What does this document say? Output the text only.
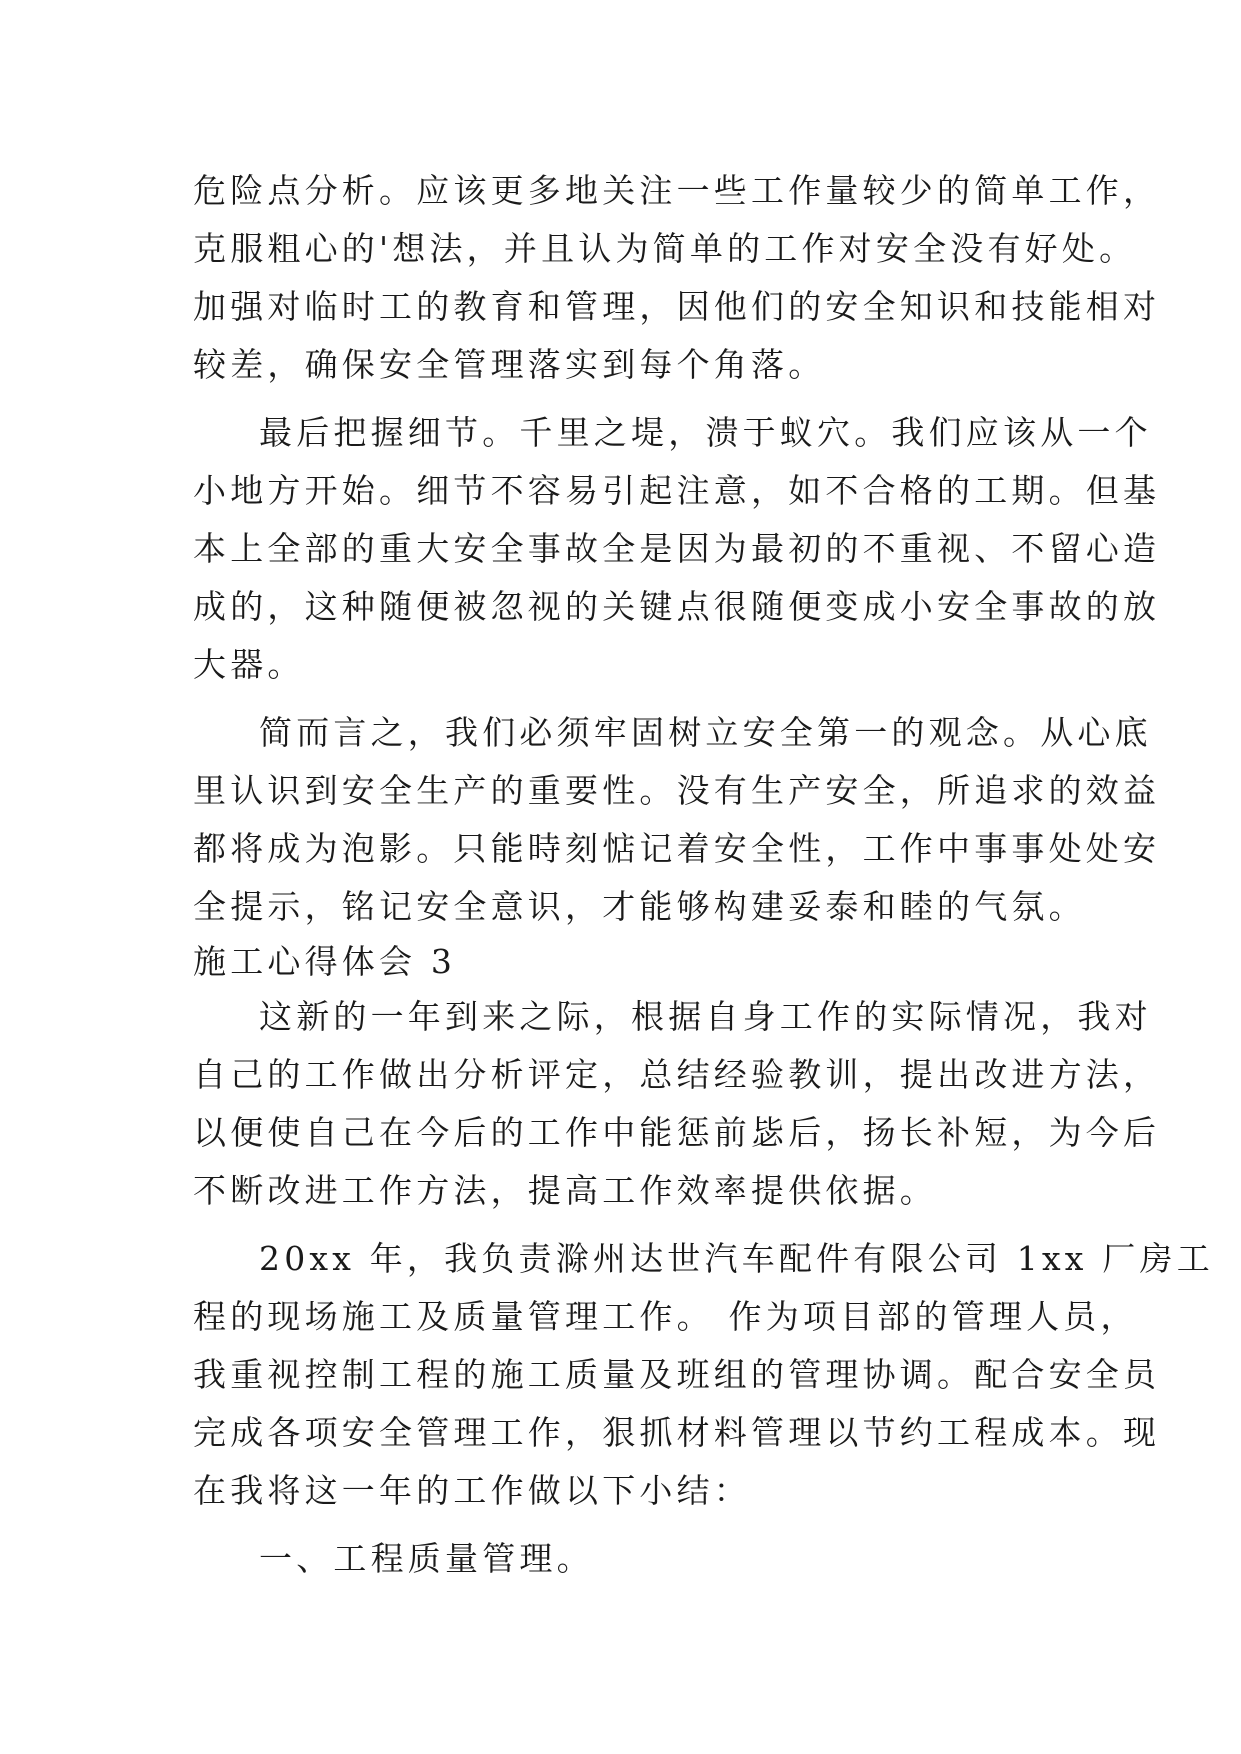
危险点分析。应该更多地关注一些工作量较少的简单工作，
克服粗心的'想法，并且认为简单的工作对安全没有好处。
加强对临时工的教育和管理，因他们的安全知识和技能相对
较差，确保安全管理落实到每个角落。
最后把握细节。千里之堤，溃于蚁穴。我们应该从一个
小地方开始。细节不容易引起注意，如不合格的工期。但基
本上全部的重大安全事故全是因为最初的不重视、不留心造
成的，这种随便被忽视的关键点很随便变成小安全事故的放
大器。
简而言之，我们必须牢固树立安全第一的观念。从心底
里认识到安全生产的重要性。没有生产安全，所追求的效益
都将成为泡影。只能時刻惦记着安全性，工作中事事处处安
全提示，铭记安全意识，才能够构建妥泰和睦的气氛。
施工心得体会 3
这新的一年到来之际，根据自身工作的实际情况，我对
自己的工作做出分析评定，总结经验教训，提出改进方法，
以便使自己在今后的工作中能惩前毖后，扬长补短，为今后
不断改进工作方法，提高工作效率提供依据。
20xx 年，我负责滁州达世汽车配件有限公司 1xx 厂房工
程的现场施工及质量管理工作。 作为项目部的管理人员，
我重视控制工程的施工质量及班组的管理协调。配合安全员
完成各项安全管理工作，狠抓材料管理以节约工程成本。现
在我将这一年的工作做以下小结：
一、工程质量管理。
